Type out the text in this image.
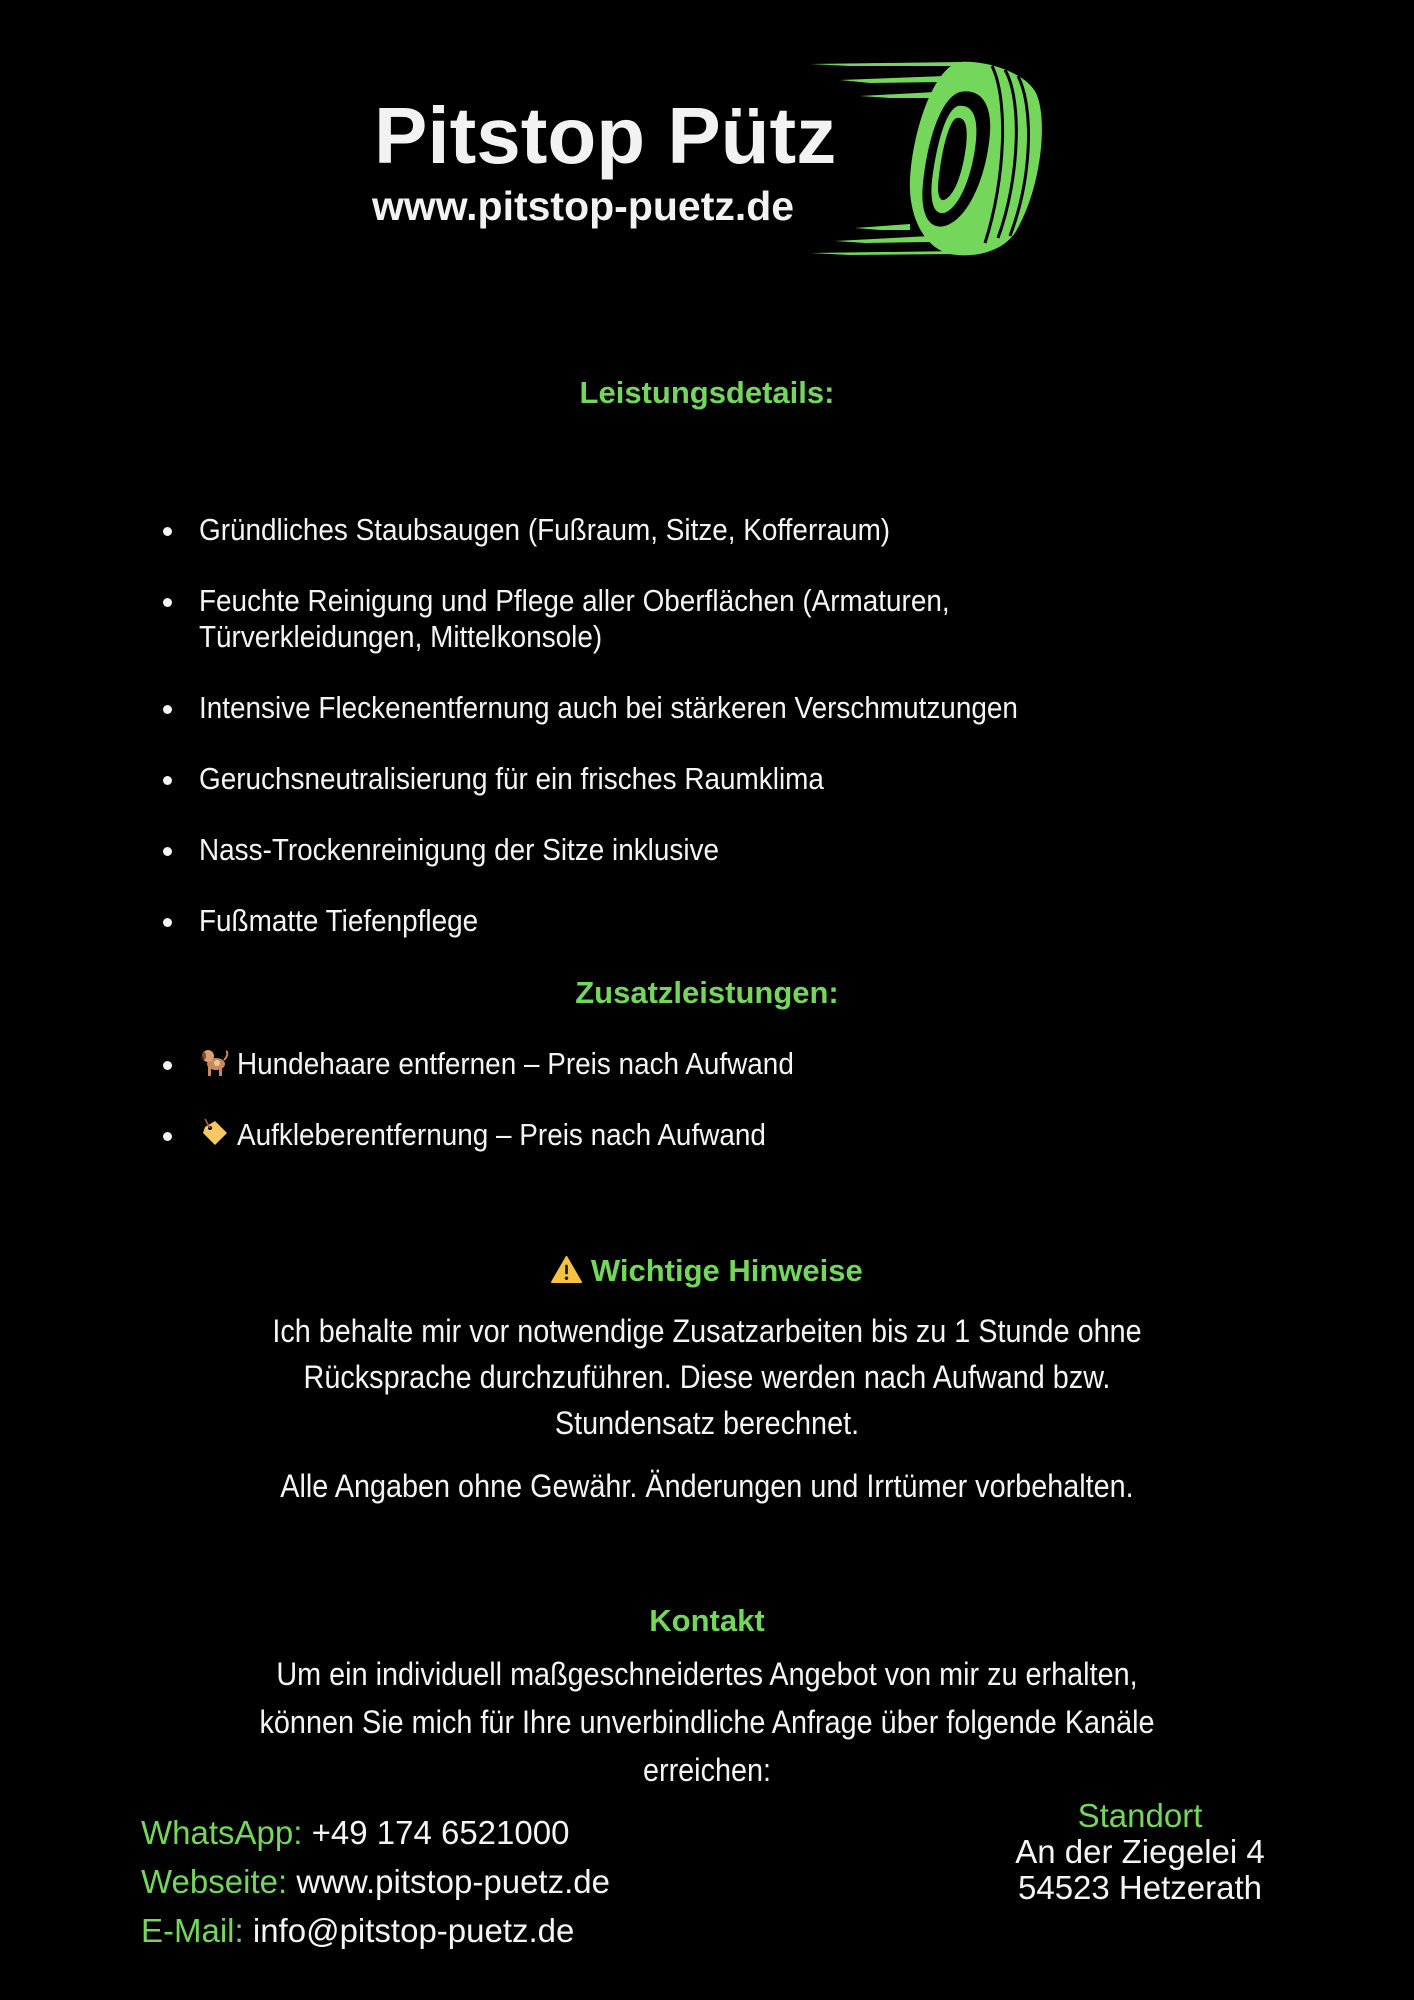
Pitstop Pütz
www.pitstop-puetz.de
Leistungsdetails:
Gründliches Staubsaugen (Fußraum, Sitze, Kofferraum)
Feuchte Reinigung und Pflege aller Oberflächen (Armaturen,
Türverkleidungen, Mittelkonsole)
Intensive Fleckenentfernung auch bei stärkeren Verschmutzungen
Geruchsneutralisierung für ein frisches Raumklima
Nass-Trockenreinigung der Sitze inklusive
Fußmatte Tiefenpflege
Zusatzleistungen:
Hundehaare entfernen – Preis nach Aufwand
Aufkleberentfernung – Preis nach Aufwand
Wichtige Hinweise
Ich behalte mir vor notwendige Zusatzarbeiten bis zu 1 Stunde ohne
Rücksprache durchzuführen. Diese werden nach Aufwand bzw.
Stundensatz berechnet.
Alle Angaben ohne Gewähr. Änderungen und Irrtümer vorbehalten.
Kontakt
Um ein individuell maßgeschneidertes Angebot von mir zu erhalten,
können Sie mich für Ihre unverbindliche Anfrage über folgende Kanäle
erreichen:
WhatsApp: +49 174 6521000
Webseite: www.pitstop-puetz.de
E-Mail: info@pitstop-puetz.de
Standort
An der Ziegelei 4
54523 Hetzerath
